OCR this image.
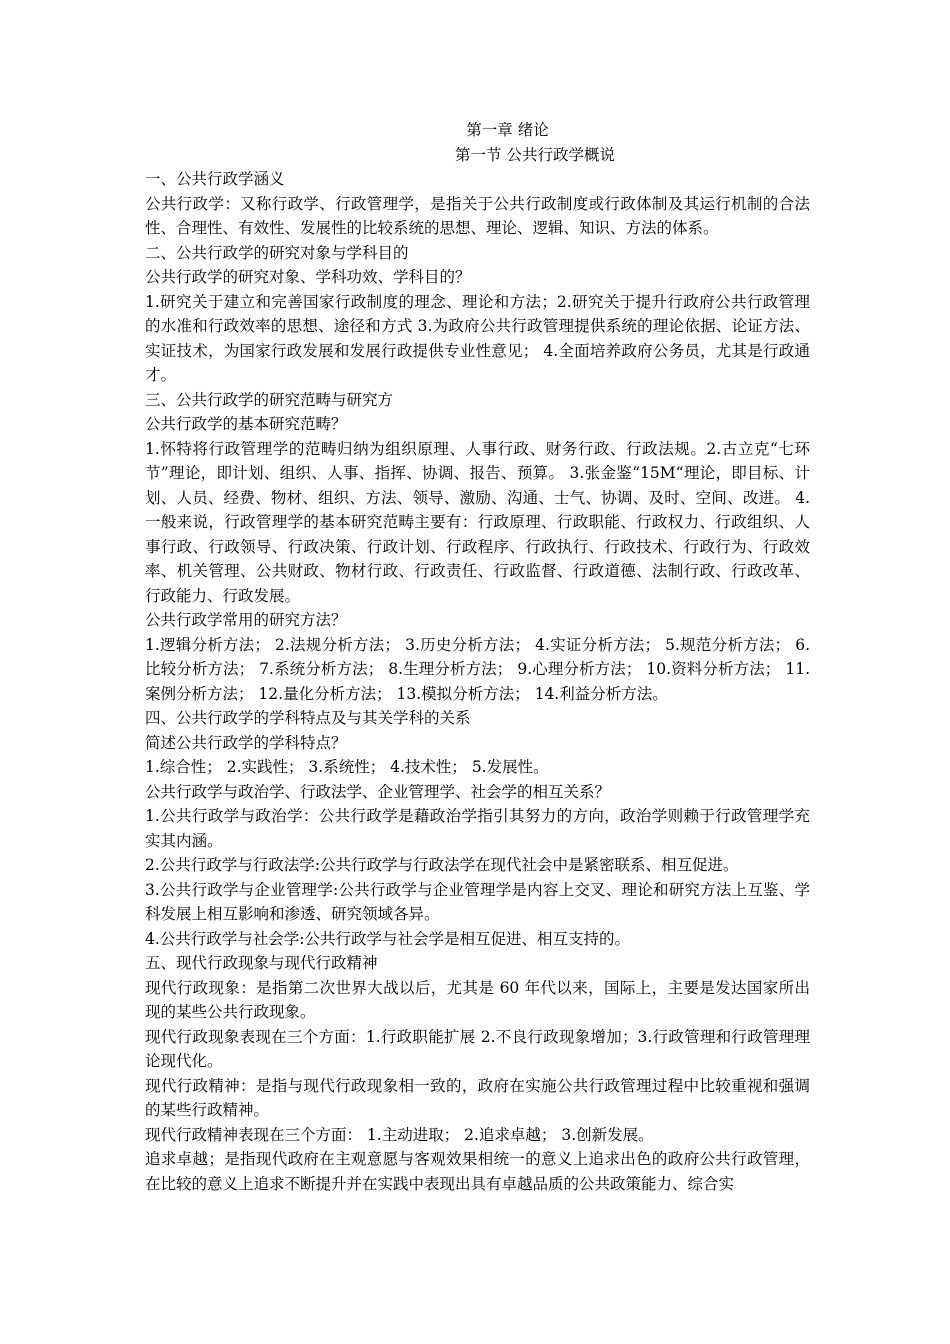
第一章 绪论

第一节 公共行政学概说

一、公共行政学涵义

公共行政学：又称行政学、行政管理学，是指关于公共行政制度或行政体制及其运行机制的合法性、合理性、有效性、发展性的比较系统的思想、理论、逻辑、知识、方法的体系。

二、公共行政学的研究对象与学科目的

公共行政学的研究对象、学科功效、学科目的？

1.研究关于建立和完善国家行政制度的理念、理论和方法；2.研究关于提升行政府公共行政管理的水准和行政效率的思想、途径和方式 3.为政府公共行政管理提供系统的理论依据、论证方法、实证技术，为国家行政发展和发展行政提供专业性意见； 4.全面培养政府公务员，尤其是行政通才。

三、公共行政学的研究范畴与研究方

公共行政学的基本研究范畴？

1.怀特将行政管理学的范畴归纳为组织原理、人事行政、财务行政、行政法规。2.古立克“七环节”理论，即计划、组织、人事、指挥、协调、报告、预算。 3.张金鉴“15M“理论，即目标、计划、人员、经费、物材、组织、方法、领导、激励、沟通、士气、协调、及时、空间、改进。 4.一般来说，行政管理学的基本研究范畴主要有：行政原理、行政职能、行政权力、行政组织、人事行政、行政领导、行政决策、行政计划、行政程序、行政执行、行政技术、行政行为、行政效率、机关管理、公共财政、物材行政、行政责任、行政监督、行政道德、法制行政、行政改革、行政能力、行政发展。

公共行政学常用的研究方法？

1.逻辑分析方法； 2.法规分析方法； 3.历史分析方法； 4.实证分析方法； 5.规范分析方法； 6.比较分析方法； 7.系统分析方法； 8.生理分析方法； 9.心理分析方法； 10.资料分析方法； 11.案例分析方法； 12.量化分析方法； 13.模拟分析方法； 14.利益分析方法。

四、公共行政学的学科特点及与其关学科的关系

简述公共行政学的学科特点？

1.综合性； 2.实践性； 3.系统性； 4.技术性； 5.发展性。

公共行政学与政治学、行政法学、企业管理学、社会学的相互关系？

1.公共行政学与政治学：公共行政学是藉政治学指引其努力的方向，政治学则赖于行政管理学充实其内涵。

2.公共行政学与行政法学:公共行政学与行政法学在现代社会中是紧密联系、相互促进。

3.公共行政学与企业管理学:公共行政学与企业管理学是内容上交叉、理论和研究方法上互鉴、学科发展上相互影响和渗透、研究领域各异。

4.公共行政学与社会学:公共行政学与社会学是相互促进、相互支持的。

五、现代行政现象与现代行政精神

现代行政现象：是指第二次世界大战以后，尤其是 60 年代以来，国际上，主要是发达国家所出现的某些公共行政现象。

现代行政现象表现在三个方面：1.行政职能扩展 2.不良行政现象增加；3.行政管理和行政管理理论现代化。

现代行政精神：是指与现代行政现象相一致的，政府在实施公共行政管理过程中比较重视和强调的某些行政精神。

现代行政精神表现在三个方面： 1.主动进取； 2.追求卓越； 3.创新发展。

追求卓越；是指现代政府在主观意愿与客观效果相统一的意义上追求出色的政府公共行政管理，在比较的意义上追求不断提升并在实践中表现出具有卓越品质的公共政策能力、综合实
